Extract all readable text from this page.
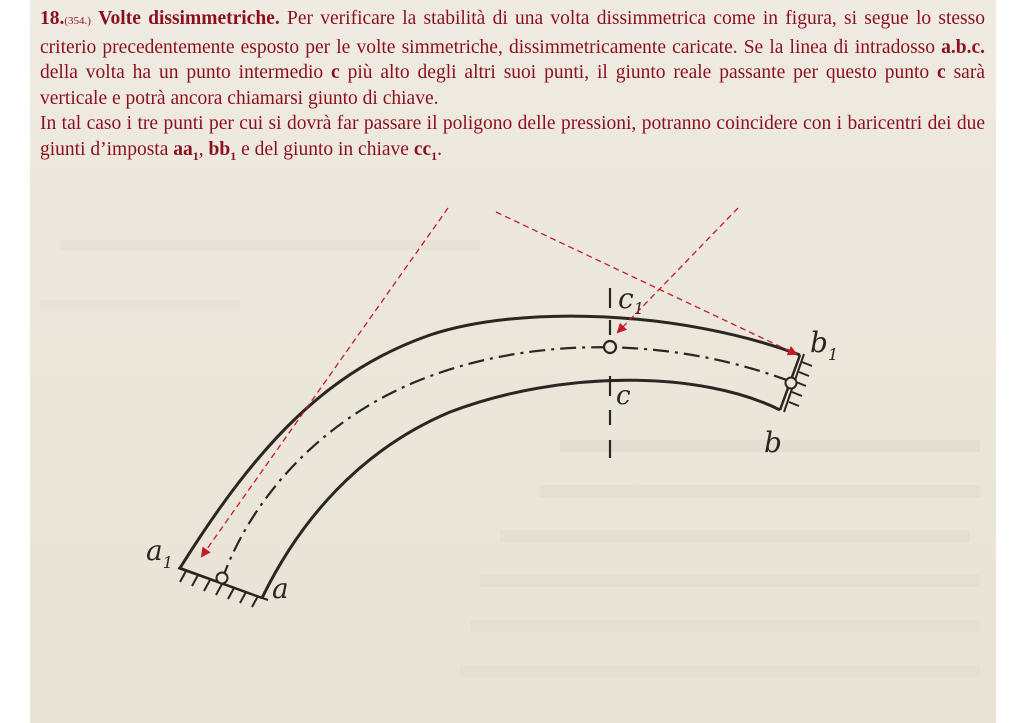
18.(354.) Volte dissimmetriche. Per verificare la stabilità di una volta dissimmetrica come in figura, si segue lo stesso criterio precedentemente esposto per le volte simmetriche, dissimmetricamente caricate. Se la linea di intradosso a.b.c. della volta ha un punto intermedio c più alto degli altri suoi punti, il giunto reale passante per questo punto c sarà verticale e potrà ancora chiamarsi giunto di chiave.

In tal caso i tre punti per cui si dovrà far passare il poligono delle pressioni, potranno coincidere con i baricentri dei due giunti d’imposta $aa_1$, $bb_1$ e del giunto in chiave $cc_1$.

$a_1$
a
$c_1$
c
$b_1$
b
